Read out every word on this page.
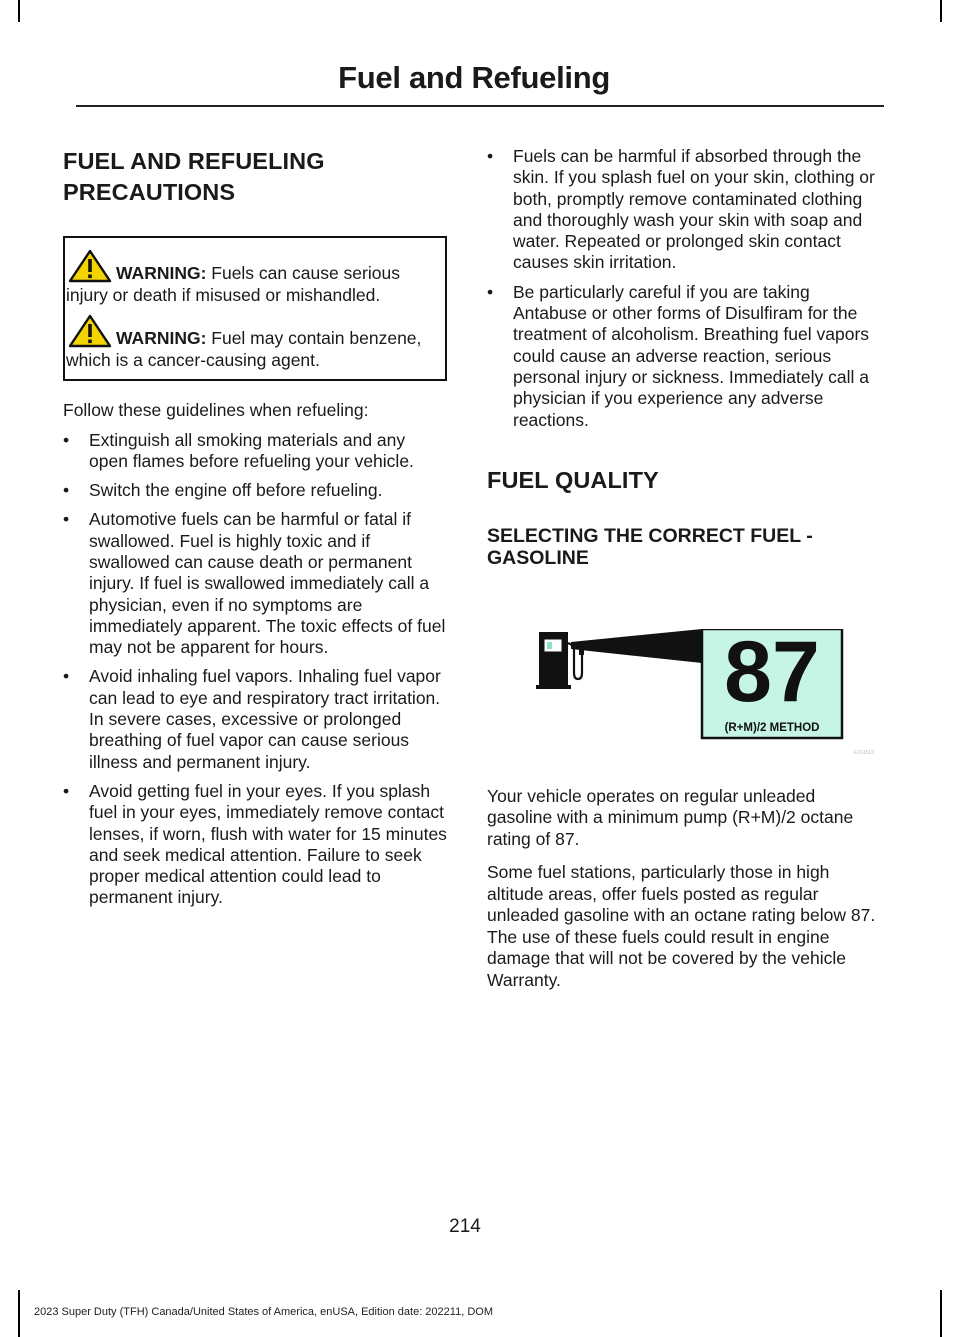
Fuel and Refueling
FUEL AND REFUELING
PRECAUTIONS

WARNING: Fuels can cause serious injury or death if misused or mishandled.

WARNING: Fuel may contain benzene, which is a cancer-causing agent.

Follow these guidelines when refueling:

• Extinguish all smoking materials and any open flames before refueling your vehicle.
• Switch the engine off before refueling.
• Automotive fuels can be harmful or fatal if swallowed. Fuel is highly toxic and if swallowed can cause death or permanent injury. If fuel is swallowed immediately call a physician, even if no symptoms are immediately apparent. The toxic effects of fuel may not be apparent for hours.
• Avoid inhaling fuel vapors. Inhaling fuel vapor can lead to eye and respiratory tract irritation. In severe cases, excessive or prolonged breathing of fuel vapor can cause serious illness and permanent injury.
• Avoid getting fuel in your eyes. If you splash fuel in your eyes, immediately remove contact lenses, if worn, flush with water for 15 minutes and seek medical attention. Failure to seek proper medical attention could lead to permanent injury.
• Fuels can be harmful if absorbed through the skin. If you splash fuel on your skin, clothing or both, promptly remove contaminated clothing and thoroughly wash your skin with soap and water. Repeated or prolonged skin contact causes skin irritation.
• Be particularly careful if you are taking Antabuse or other forms of Disulfiram for the treatment of alcoholism. Breathing fuel vapors could cause an adverse reaction, serious personal injury or sickness. Immediately call a physician if you experience any adverse reactions.
FUEL QUALITY
SELECTING THE CORRECT FUEL - GASOLINE
87
(R+M)/2 METHOD
E161513

Your vehicle operates on regular unleaded gasoline with a minimum pump (R+M)/2 octane rating of 87.

Some fuel stations, particularly those in high altitude areas, offer fuels posted as regular unleaded gasoline with an octane rating below 87. The use of these fuels could result in engine damage that will not be covered by the vehicle Warranty.

214
2023 Super Duty (TFH) Canada/United States of America, enUSA, Edition date: 202211, DOM
